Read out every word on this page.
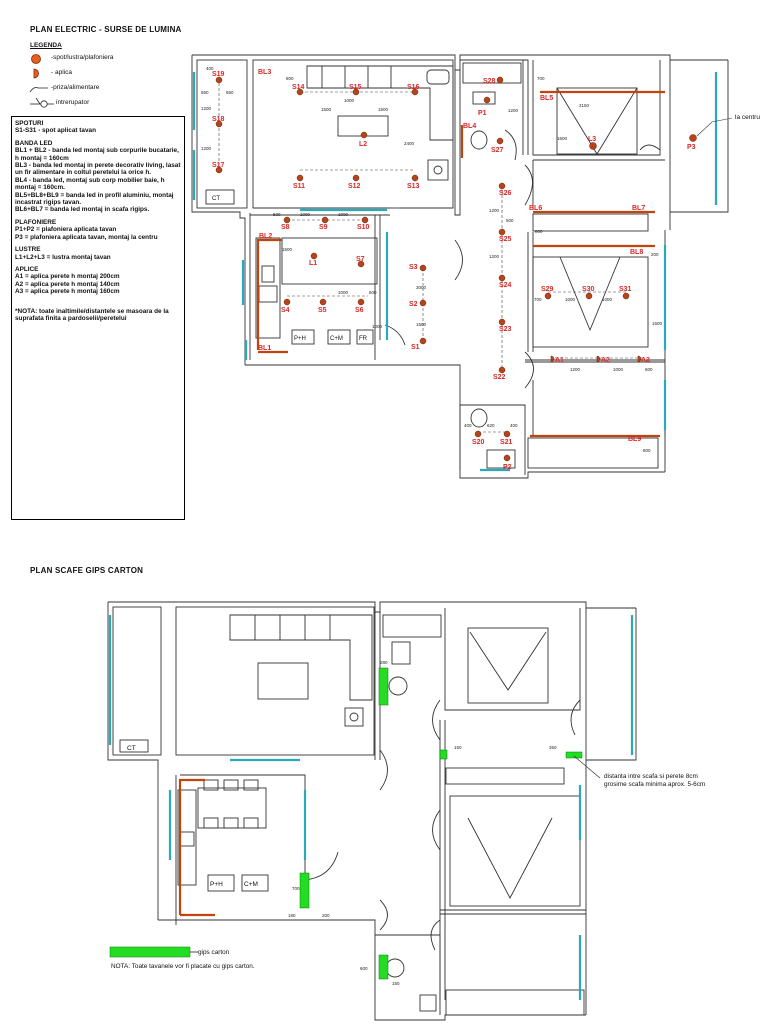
PLAN ELECTRIC - SURSE DE LUMINA
LEGENDA
-spot/lustra/plafoniera
- aplica
-priza/alimentare
intrerupator
SPOTURI
S1-S31 - spot aplicat tavan
BANDA LED
BL1 + BL2 - banda led montaj sub corpurile bucatarie, h montaj = 160cm
BL3 - banda led montaj in perete decorativ living, lasat un fir alimentare in coltul peretelui la orice h.
BL4 - banda led, montaj sub corp mobilier baie, h montaj = 160cm.
BL5+BL8+BL9 = banda led in profil aluminiu, montaj incastrat rigips tavan.
BL6+BL7 = banda led montaj in scafa rigips.
PLAFONIERE
P1+P2 = plafoniera aplicata tavan
P3 = plafoniera aplicata tavan, montaj la centru
LUSTRE
L1+L2+L3 = lustra montaj tavan
APLICE
A1 = aplica perete h montaj 200cm
A2 = aplica perete h montaj 140cm
A3 = aplica perete h montaj 160cm
*NOTA: toate inaltimile/distantele se masoara de la suprafata finita a pardoselii/peretelui
PLAN SCAFE GIPS CARTON
NOTA: Toate tavanele vor fi placate cu gips carton.
distanta intre scafa si perete 8cm
grosime scafa minima aprox. 5-6cm
gips carton
la centru
S19
S18
S17
BL3
S14	S15	S16
L2
S11	S12	S13
S8	S9	S10
BL2
L1
S7
S4	S5	S6
BL1
S3
S2
S1
S28
P1
BL4
S27
BL5
L3
P3
S26
BL6	BL7
S25
BL8
S24
S29	S30	S31
S23
A1	A2	A3
S22
BL9
S20 S21
P2
P+H	C+M	FR
CT
400
650	650
1200
1200
800
1500	1500
1000
2400
500	1000	1000
1500
1000	600
3000
1500
1000
2150
1600
700
1200
500
800
1200
1200
700	1000	1000
1500
1200	1000	600
800
400	620	400
200
CT
P+H	C+M
280
150	350
700
180	200
600
150
